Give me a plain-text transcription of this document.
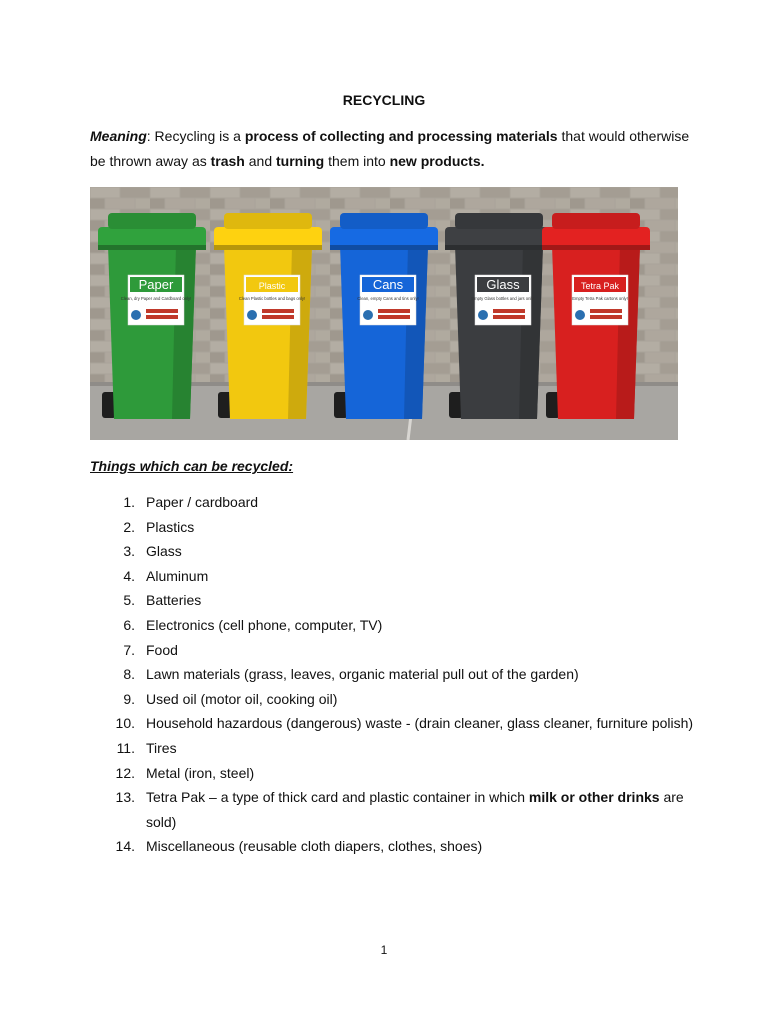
RECYCLING
Meaning: Recycling is a process of collecting and processing materials that would otherwise be thrown away as trash and turning them into new products.
Paper
Clean, dry Paper and Cardboard only!
Plastic
Clean Plastic bottles and bags only!
Cans
Clean, empty Cans and tins only!
Glass
Empty Glass bottles and jars only!
Tetra Pak
Empty Tetra Pak cartons only!
Things which can be recycled:
1. Paper / cardboard
2. Plastics
3. Glass
4. Aluminum
5. Batteries
6. Electronics (cell phone, computer, TV)
7. Food
8. Lawn materials (grass, leaves, organic material pull out of the garden)
9. Used oil (motor oil, cooking oil)
10. Household hazardous (dangerous) waste - (drain cleaner, glass cleaner, furniture polish)
11. Tires
12. Metal (iron, steel)
13. Tetra Pak – a type of thick card and plastic container in which milk or other drinks are sold)
14. Miscellaneous (reusable cloth diapers, clothes, shoes)
1
